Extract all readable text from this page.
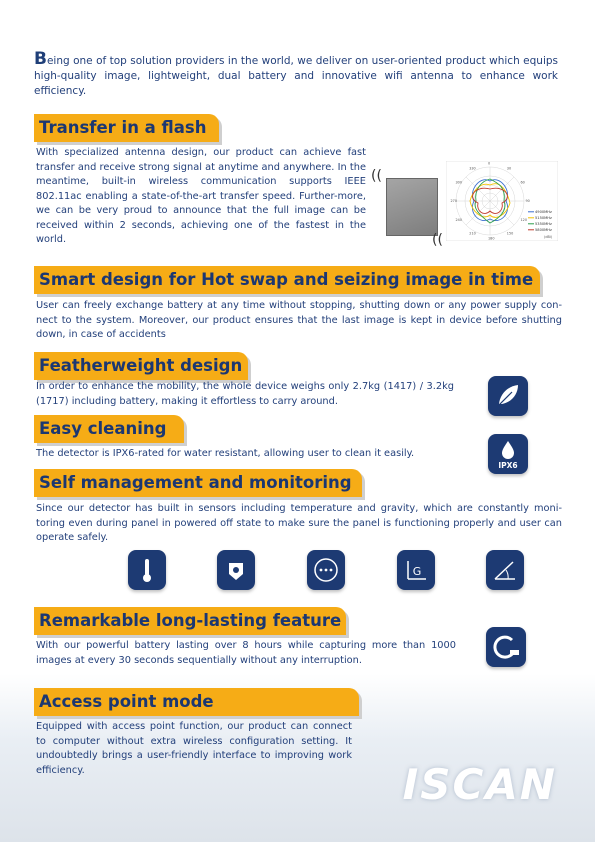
Being one of top solution providers in the world, we deliver on user-oriented product which equips high-quality image, lightweight, dual battery and innovative wifi antenna to enhance work efficiency.

Transfer in a flash

With specialized antenna design, our product can achieve fast transfer and receive strong signal at anytime and anywhere. In the meantime, built-in wireless communication supports IEEE 802.11ac enabling a state-of-the-art transfer speed. Further-more, we can be very proud to announce that the full image can be received within 2 seconds, achieving one of the fastest in the world.

((
((
0
30
60
90
120
150
180
210
240
270
300
330
4900MHz
5150MHz
5350MHz
5800MHz
(dBi)
Smart design for Hot swap and seizing image in time

User can freely exchange battery at any time without stopping, shutting down or any power supply con-nect to the system. Moreover, our product ensures that the last image is kept in device before shutting down, in case of accidents

Featherweight design

In order to enhance the mobility, the whole device weighs only 2.7kg (1417) / 3.2kg (1717) including battery, making it effortless to carry around.

Easy cleaning

The detector is IPX6-rated for water resistant, allowing user to clean it easily.

IPX6
Self management and monitoring

Since our detector has built in sensors including temperature and gravity, which are constantly moni-toring even during panel in powered off state to make sure the panel is functioning properly and user can operate safely.

G
Remarkable long-lasting feature

With our powerful battery lasting over 8 hours while capturing more than 1000 images at every 30 seconds sequentially without any interruption.

Access point mode

Equipped with access point function, our product can connect to computer without extra wireless configuration setting. It undoubtedly brings a user-friendly interface to improving work efficiency.	ISCAN
